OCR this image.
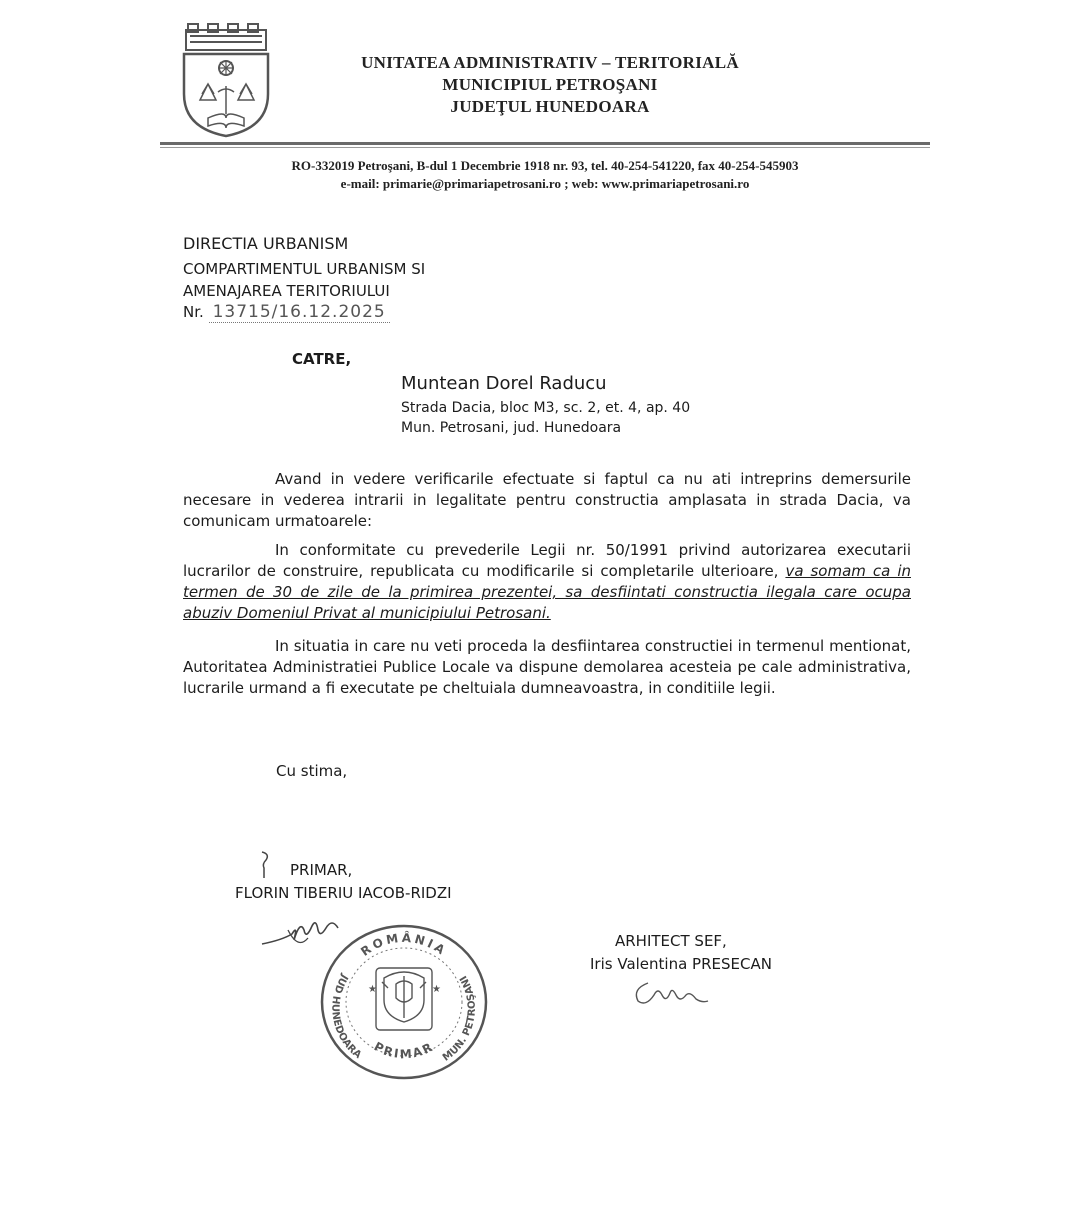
UNITATEA ADMINISTRATIV – TERITORIALĂ
MUNICIPIUL PETROŞANI
JUDEŢUL HUNEDOARA
RO-332019 Petroşani, B-dul 1 Decembrie 1918 nr. 93, tel. 40-254-541220, fax 40-254-545903
e-mail: primarie@primariapetrosani.ro ; web: www.primariapetrosani.ro
DIRECTIA URBANISM
COMPARTIMENTUL URBANISM SI
AMENAJAREA TERITORIULUI
Nr. 13715/16.12.2025
CATRE,
Muntean Dorel Raducu
Strada Dacia, bloc M3, sc. 2, et. 4, ap. 40
Mun. Petrosani, jud. Hunedoara
Avand in vedere verificarile efectuate si faptul ca nu ati intreprins demersurile necesare in vederea intrarii in legalitate pentru constructia amplasata in strada Dacia, va comunicam urmatoarele:
In conformitate cu prevederile Legii nr. 50/1991 privind autorizarea executarii lucrarilor de construire, republicata cu modificarile si completarile ulterioare, va somam ca in termen de 30 de zile de la primirea prezentei, sa desfiintati constructia ilegala care ocupa abuziv Domeniul Privat al municipiului Petrosani.
In situatia in care nu veti proceda la desfiintarea constructiei in termenul mentionat, Autoritatea Administratiei Publice Locale va dispune demolarea acesteia pe cale administrativa, lucrarile urmand a fi executate pe cheltuiala dumneavoastra, in conditiile legii.
Cu stima,
PRIMAR,
FLORIN TIBERIU IACOB-RIDZI
ROMÂNIA
JUD HUNEDOARA	MUN. PETROŞANI
PRIMAR
★	★
ARHITECT SEF,
Iris Valentina PRESECAN
